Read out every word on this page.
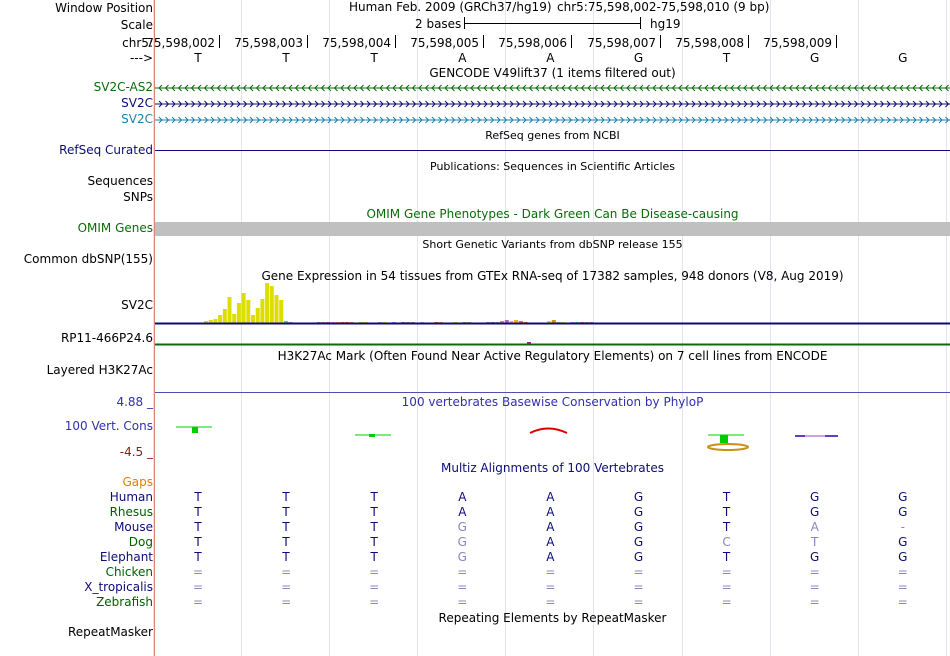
Window Position	Human Feb. 2009 (GRCh37/hg19) chr5:75,598,002-75,598,010 (9 bp)
Scale	2 bases	hg19
chr5:
75,598,002	75,598,003	75,598,004	75,598,005	75,598,006	75,598,007	75,598,008	75,598,009
--->	T	T	T	A	A	G	T	G	G
GENCODE V49lift37 (1 items filtered out)
SV2C-AS2
SV2C
SV2C
RefSeq genes from NCBI
RefSeq Curated
Publications: Sequences in Scientific Articles
Sequences
SNPs
OMIM Gene Phenotypes - Dark Green Can Be Disease-causing
OMIM Genes
Short Genetic Variants from dbSNP release 155
Common dbSNP(155)
Gene Expression in 54 tissues from GTEx RNA-seq of 17382 samples, 948 donors (V8, Aug 2019)
SV2C
RP11-466P24.6
H3K27Ac Mark (Often Found Near Active Regulatory Elements) on 7 cell lines from ENCODE
Layered H3K27Ac
4.88 _	100 vertebrates Basewise Conservation by PhyloP
100 Vert. Cons
-4.5 _
Multiz Alignments of 100 Vertebrates
Gaps
Human	T	T	T	A	A	G	T	G	G
Rhesus	T	T	T	A	A	G	T	G	G
Mouse	T	T	T	G	A	G	T	A	-
Dog	T	T	T	G	A	G	C	T	G
Elephant	T	T	T	G	A	G	T	G	G
Chicken	=	=	=	=	=	=	=	=	=
X_tropicalis	=	=	=	=	=	=	=	=	=
Zebrafish	=	=	=	=	=	=	=	=	=
Repeating Elements by RepeatMasker
RepeatMasker
